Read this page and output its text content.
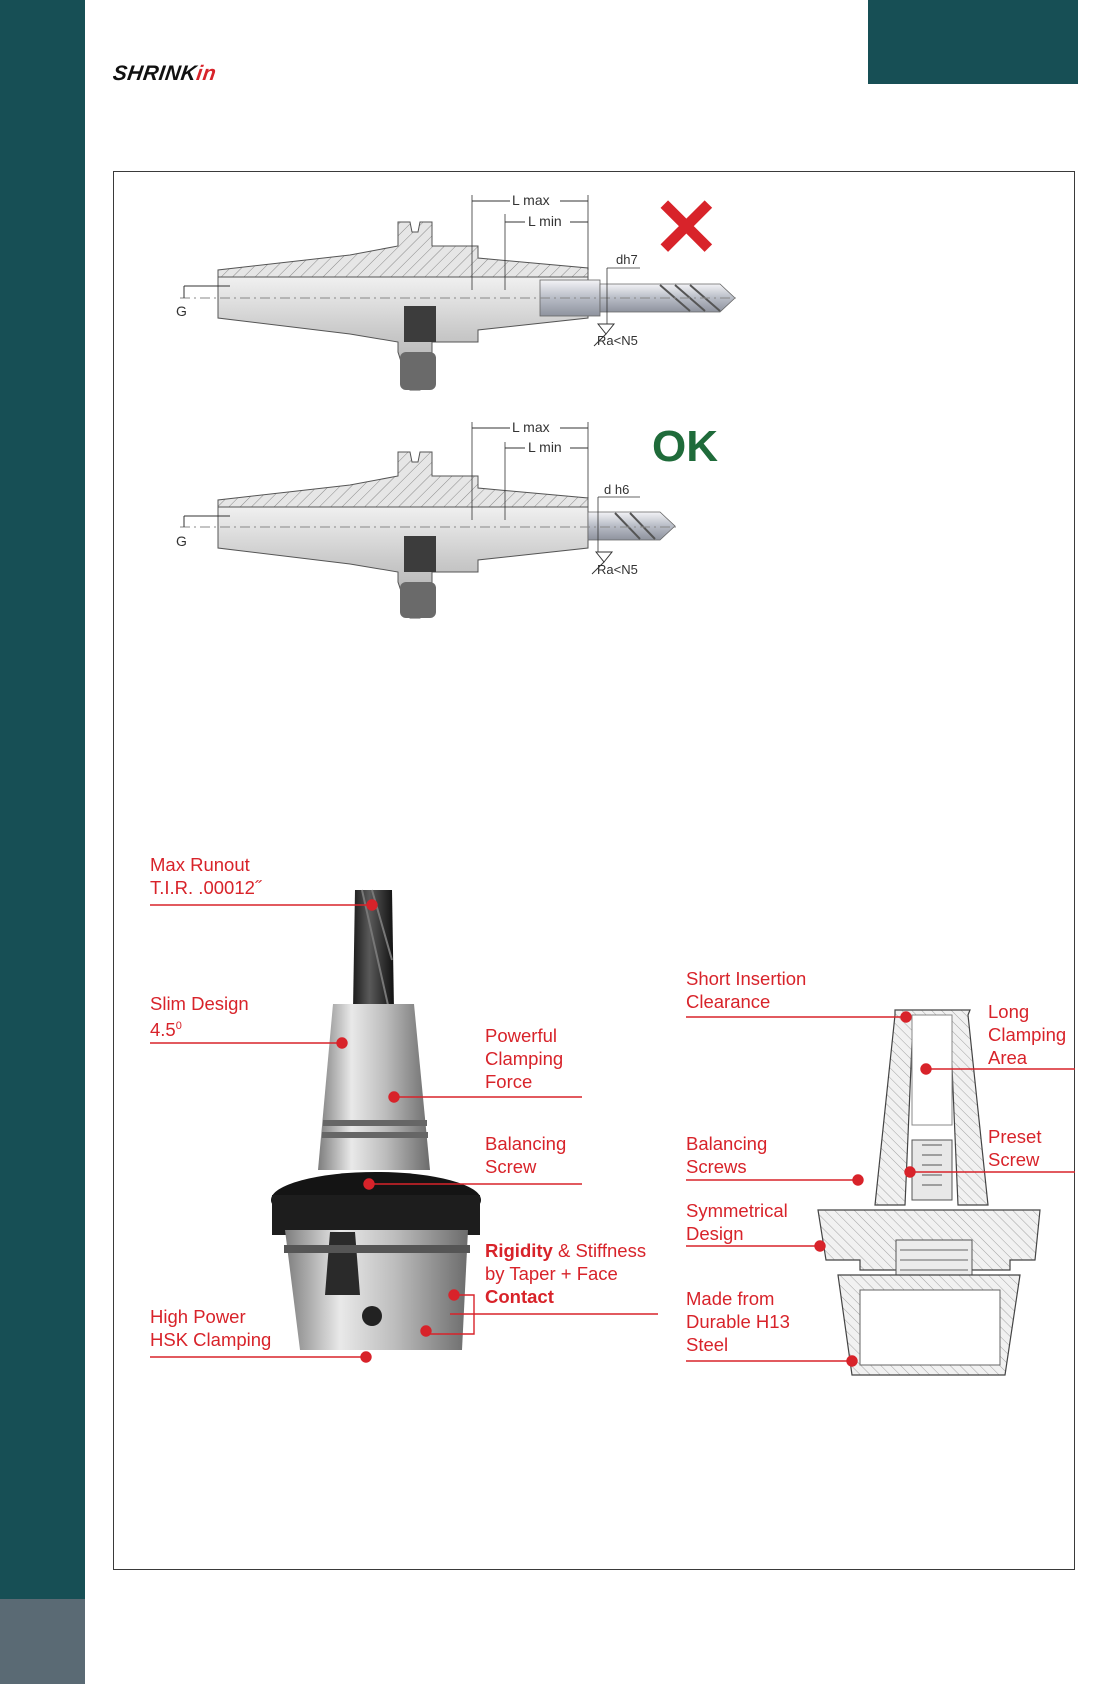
SHRINKin
G
L max
L min
dh7
Ra<N5
✕
G
L max
L min
d h6
Ra<N5
OK
Max Runout
T.I.R. .00012˝
Slim Design
$4.5^0$	Powerful
Clamping
Force
Balancing
Screw
Rigidity & Stiffness
by Taper + Face
Contact
High Power
HSK Clamping
Short Insertion
Clearance	Long
Clamping
Area
Balancing
Screws
Preset
Screw
Symmetrical
Design
Made from
Durable H13
Steel
